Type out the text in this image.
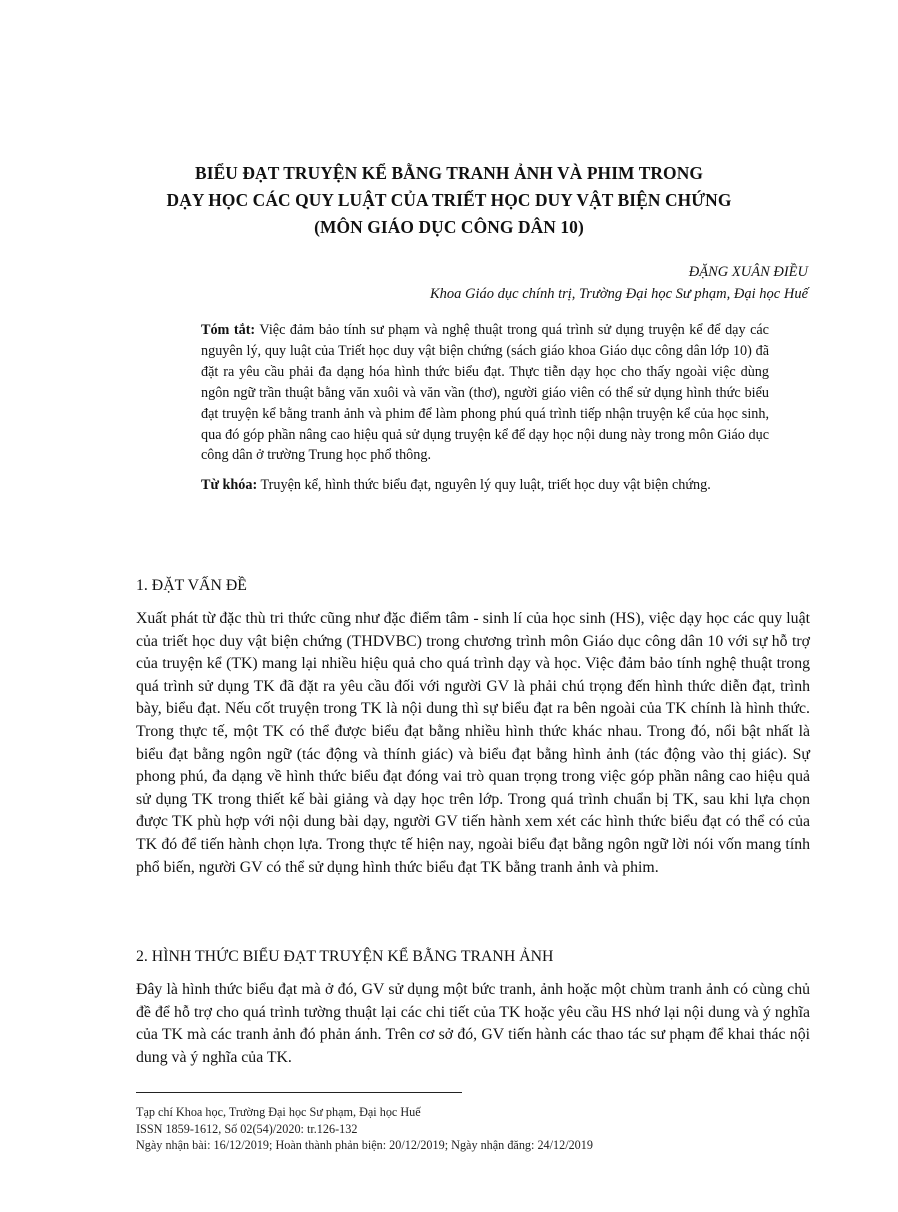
BIỂU ĐẠT TRUYỆN KỂ BẰNG TRANH ẢNH VÀ PHIM TRONG
DẠY HỌC CÁC QUY LUẬT CỦA TRIẾT HỌC DUY VẬT BIỆN CHỨNG
(MÔN GIÁO DỤC CÔNG DÂN 10)
ĐẶNG XUÂN ĐIỀU
Khoa Giáo dục chính trị, Trường Đại học Sư phạm, Đại học Huế

Tóm tắt: Việc đảm bảo tính sư phạm và nghệ thuật trong quá trình sử dụng truyện kể để dạy các nguyên lý, quy luật của Triết học duy vật biện chứng (sách giáo khoa Giáo dục công dân lớp 10) đã đặt ra yêu cầu phải đa dạng hóa hình thức biểu đạt. Thực tiễn dạy học cho thấy ngoài việc dùng ngôn ngữ trần thuật bằng văn xuôi và văn vần (thơ), người giáo viên có thể sử dụng hình thức biểu đạt truyện kể bằng tranh ảnh và phim để làm phong phú quá trình tiếp nhận truyện kể của học sinh, qua đó góp phần nâng cao hiệu quả sử dụng truyện kể để dạy học nội dung này trong môn Giáo dục công dân ở trường Trung học phổ thông.

Từ khóa: Truyện kể, hình thức biểu đạt, nguyên lý quy luật, triết học duy vật biện chứng.

1. ĐẶT VẤN ĐỀ

Xuất phát từ đặc thù tri thức cũng như đặc điểm tâm - sinh lí của học sinh (HS), việc dạy học các quy luật của triết học duy vật biện chứng (THDVBC) trong chương trình môn Giáo dục công dân 10 với sự hỗ trợ của truyện kể (TK) mang lại nhiều hiệu quả cho quá trình dạy và học. Việc đảm bảo tính nghệ thuật trong quá trình sử dụng TK đã đặt ra yêu cầu đối với người GV là phải chú trọng đến hình thức diễn đạt, trình bày, biểu đạt. Nếu cốt truyện trong TK là nội dung thì sự biểu đạt ra bên ngoài của TK chính là hình thức. Trong thực tế, một TK có thể được biểu đạt bằng nhiều hình thức khác nhau. Trong đó, nổi bật nhất là biểu đạt bằng ngôn ngữ (tác động và thính giác) và biểu đạt bằng hình ảnh (tác động vào thị giác). Sự phong phú, đa dạng về hình thức biểu đạt đóng vai trò quan trọng trong việc góp phần nâng cao hiệu quả sử dụng TK trong thiết kế bài giảng và dạy học trên lớp. Trong quá trình chuẩn bị TK, sau khi lựa chọn được TK phù hợp với nội dung bài dạy, người GV tiến hành xem xét các hình thức biểu đạt có thể có của TK đó để tiến hành chọn lựa. Trong thực tế hiện nay, ngoài biểu đạt bằng ngôn ngữ lời nói vốn mang tính phổ biến, người GV có thể sử dụng hình thức biểu đạt TK bằng tranh ảnh và phim.

2. HÌNH THỨC BIỂU ĐẠT TRUYỆN KỂ BẰNG TRANH ẢNH

Đây là hình thức biểu đạt mà ở đó, GV sử dụng một bức tranh, ảnh hoặc một chùm tranh ảnh có cùng chủ đề để hỗ trợ cho quá trình tường thuật lại các chi tiết của TK hoặc yêu cầu HS nhớ lại nội dung và ý nghĩa của TK mà các tranh ảnh đó phản ánh. Trên cơ sở đó, GV tiến hành các thao tác sư phạm để khai thác nội dung và ý nghĩa của TK.

Tạp chí Khoa học, Trường Đại học Sư phạm, Đại học Huế
ISSN 1859-1612, Số 02(54)/2020: tr.126-132
Ngày nhận bài: 16/12/2019; Hoàn thành phản biện: 20/12/2019; Ngày nhận đăng: 24/12/2019
